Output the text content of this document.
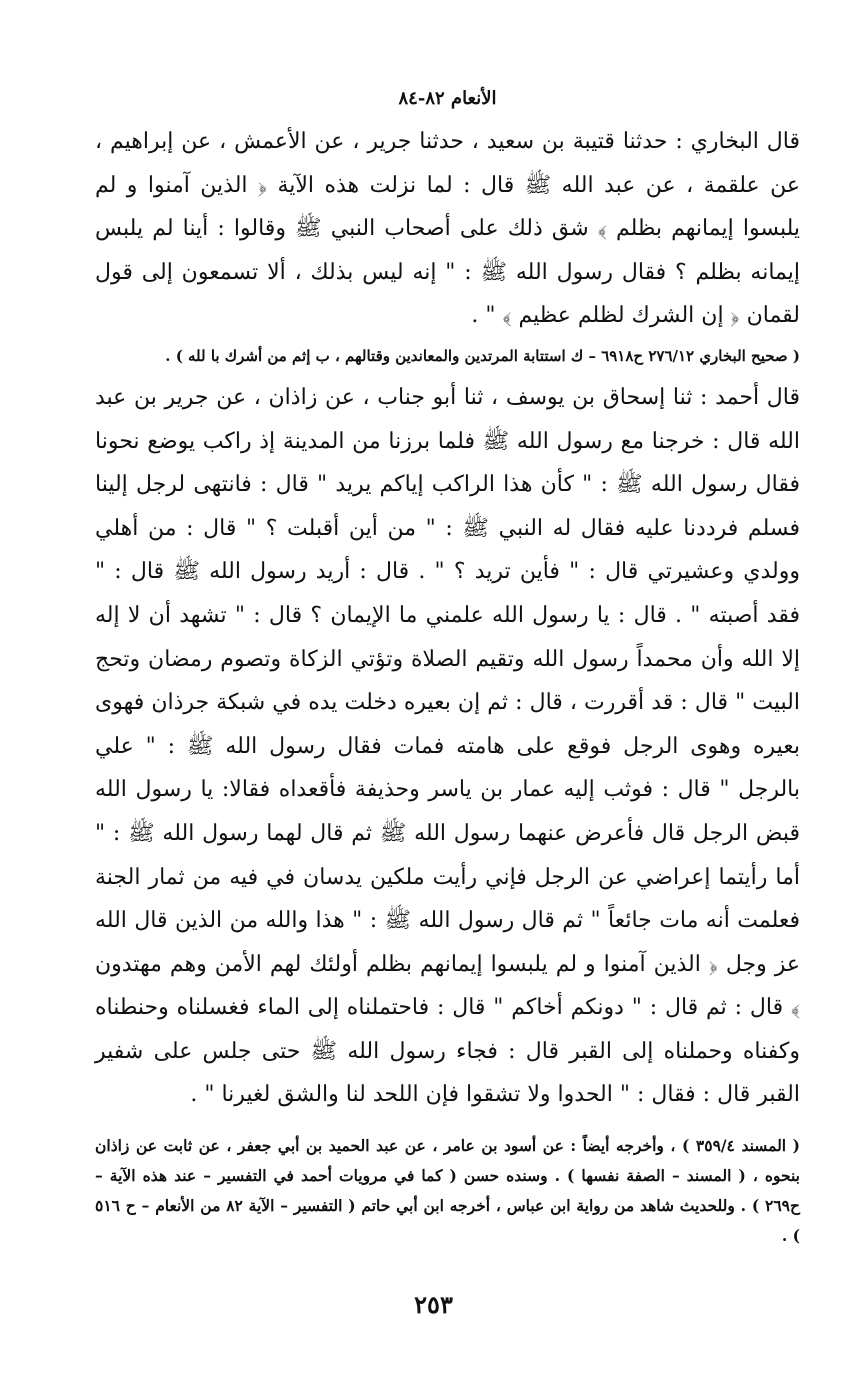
الأنعام ٨٢-٨٤

قال البخاري : حدثنا قتيبة بن سعيد ، حدثنا جرير ، عن الأعمش ، عن إبراهيم ، عن علقمة ، عن عبد الله ﷺ قال : لما نزلت هذه الآية ﴿ الذين آمنوا و لم يلبسوا إيمانهم بظلم ﴾ شق ذلك على أصحاب النبي ﷺ وقالوا : أينا لم يلبس إيمانه بظلم ؟ فقال رسول الله ﷺ : " إنه ليس بذلك ، ألا تسمعون إلى قول لقمان ﴿ إن الشرك لظلم عظيم ﴾ " .

( صحيح البخاري ٢٧٦/١٢ ح٦٩١٨ – ك استتابة المرتدين والمعاندين وقتالهم ، ب إثم من أشرك با لله ) .

قال أحمد : ثنا إسحاق بن يوسف ، ثنا أبو جناب ، عن زاذان ، عن جرير بن عبد الله قال : خرجنا مع رسول الله ﷺ فلما برزنا من المدينة إذ راكب يوضع نحونا فقال رسول الله ﷺ : " كأن هذا الراكب إياكم يريد " قال : فانتهى لرجل إلينا فسلم فرددنا عليه فقال له النبي ﷺ : " من أين أقبلت ؟ " قال : من أهلي وولدي وعشيرتي قال : " فأين تريد ؟ " . قال : أريد رسول الله ﷺ قال : " فقد أصبته " . قال : يا رسول الله علمني ما الإيمان ؟ قال : " تشهد أن لا إله إلا الله وأن محمداً رسول الله وتقيم الصلاة وتؤتي الزكاة وتصوم رمضان وتحج البيت " قال : قد أقررت ، قال : ثم إن بعيره دخلت يده في شبكة جرذان فهوى بعيره وهوى الرجل فوقع على هامته فمات فقال رسول الله ﷺ : " علي بالرجل " قال : فوثب إليه عمار بن ياسر وحذيفة فأقعداه فقالا: يا رسول الله قبض الرجل قال فأعرض عنهما رسول الله ﷺ ثم قال لهما رسول الله ﷺ : " أما رأيتما إعراضي عن الرجل فإني رأيت ملكين يدسان في فيه من ثمار الجنة فعلمت أنه مات جائعاً " ثم قال رسول الله ﷺ : " هذا والله من الذين قال الله عز وجل ﴿ الذين آمنوا و لم يلبسوا إيمانهم بظلم أولئك لهم الأمن وهم مهتدون ﴾ قال : ثم قال : " دونكم أخاكم " قال : فاحتملناه إلى الماء فغسلناه وحنطناه وكفناه وحملناه إلى القبر قال : فجاء رسول الله ﷺ حتى جلس على شفير القبر قال : فقال : " الحدوا ولا تشقوا فإن اللحد لنا والشق لغيرنا " .

( المسند ٣٥٩/٤ ) ، وأخرجه أيضاً : عن أسود بن عامر ، عن عبد الحميد بن أبي جعفر ، عن ثابت عن زاذان بنحوه ، ( المسند – الصفة نفسها ) . وسنده حسن ( كما في مرويات أحمد في التفسير – عند هذه الآية – ح٢٦٩ ) . وللحديث شاهد من رواية ابن عباس ، أخرجه ابن أبي حاتم ( التفسير – الآية ٨٢ من الأنعام – ح ٥١٦ ) .
٢٥٣
